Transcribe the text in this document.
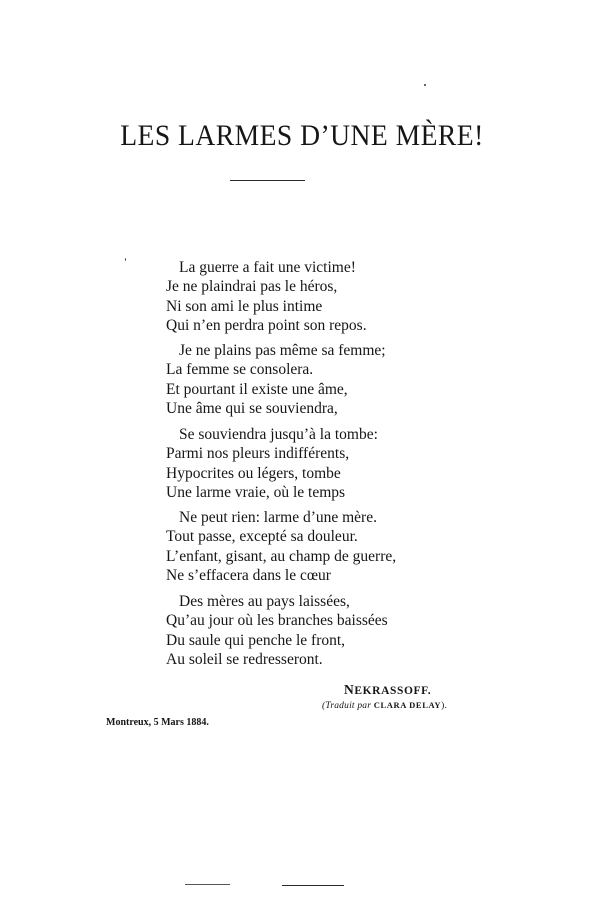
LES LARMES D’UNE MÈRE!
La guerre a fait une victime!
Je ne plaindrai pas le héros,
Ni son ami le plus intime
Qui n’en perdra point son repos.
Je ne plains pas même sa femme;
La femme se consolera.
Et pourtant il existe une âme,
Une âme qui se souviendra,
Se souviendra jusqu’à la tombe:
Parmi nos pleurs indifférents,
Hypocrites ou légers, tombe
Une larme vraie, où le temps
Ne peut rien: larme d’une mère.
Tout passe, excepté sa douleur.
L’enfant, gisant, au champ de guerre,
Ne s’effacera dans le cœur
Des mères au pays laissées,
Qu’au jour où les branches baissées
Du saule qui penche le front,
Au soleil se redresseront.
NEKRASSOFF.
(Traduit par CLARA DELAY).
Montreux, 5 Mars 1884.
